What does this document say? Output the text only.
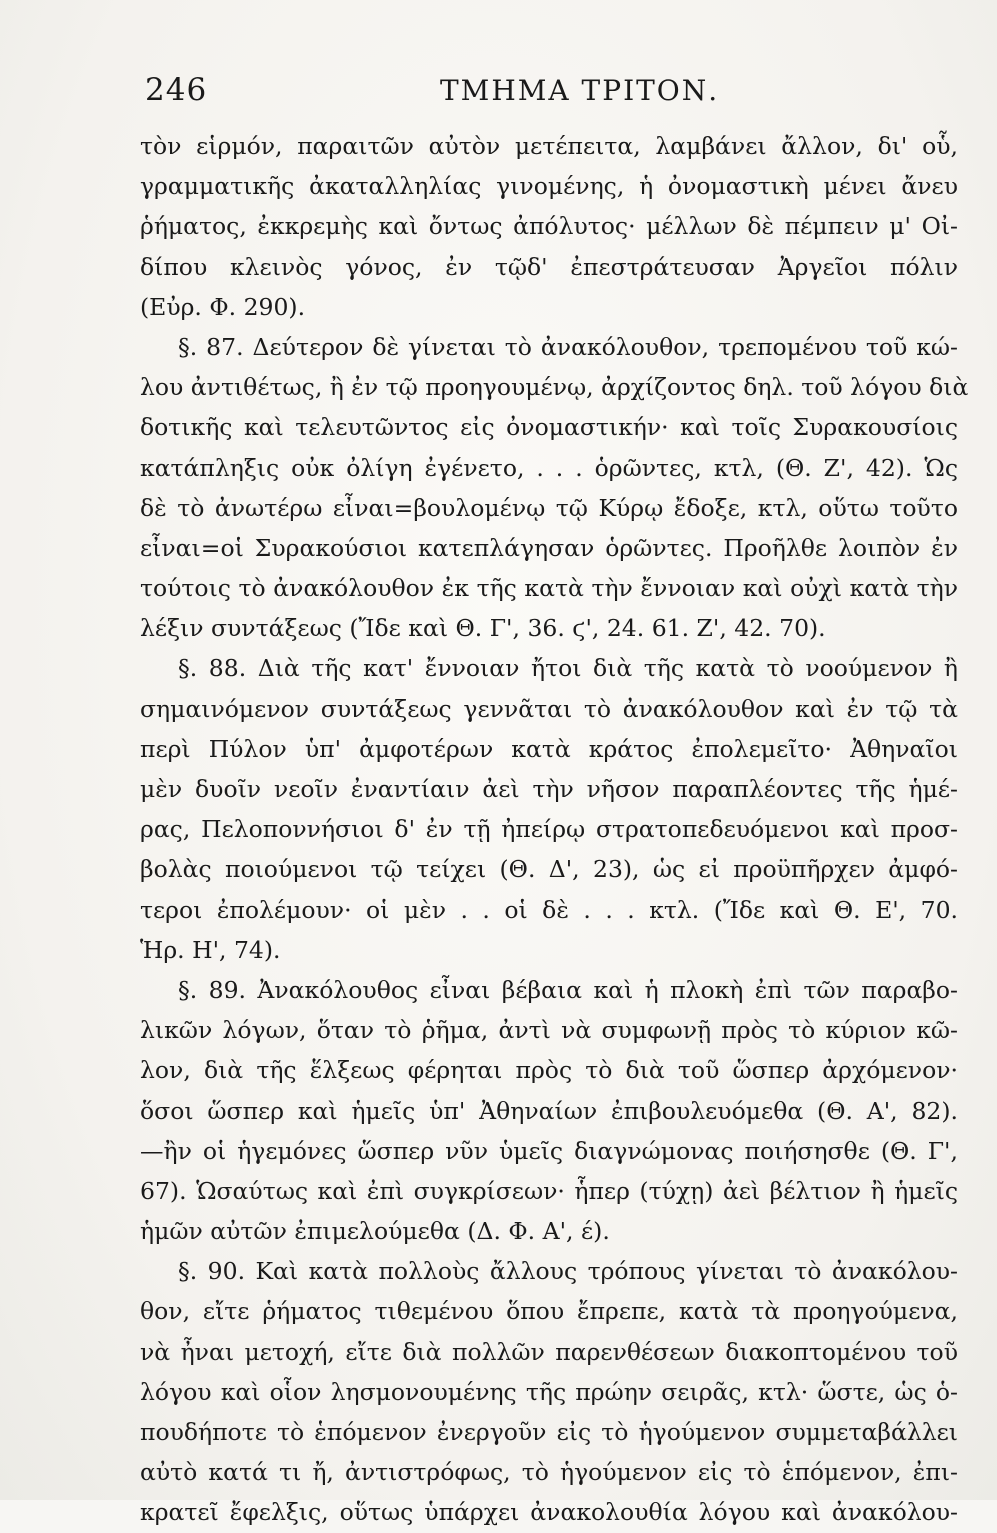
246	ΤΜΗΜΑ ΤΡΙΤΟΝ.
τὸν εἱρμόν, παραιτῶν αὐτὸν μετέπειτα, λαμβάνει ἄλλον, δι' οὗ,
γραμματικῆς ἀκαταλληλίας γινομένης, ἡ ὀνομαστικὴ μένει ἄνευ
ῥήματος, ἐκκρεμὴς καὶ ὄντως ἀπόλυτος· μέλλων δὲ πέμπειν μ' Οἰ-
δίπου κλεινὸς γόνος, ἐν τῷδ' ἐπεστράτευσαν Ἀργεῖοι πόλιν
(Εὐρ. Φ. 290).
§. 87. Δεύτερον δὲ γίνεται τὸ ἀνακόλουθον, τρεπομένου τοῦ κώ-
λου ἀντιθέτως, ἢ ἐν τῷ προηγουμένῳ, ἀρχίζοντος δηλ. τοῦ λόγου διὰ
δοτικῆς καὶ τελευτῶντος εἰς ὀνομαστικήν· καὶ τοῖς Συρακουσίοις
κατάπληξις οὐκ ὀλίγη ἐγένετο, . . . ὁρῶντες, κτλ, (Θ. Ζ', 42). Ὡς
δὲ τὸ ἀνωτέρω εἶναι=βουλομένῳ τῷ Κύρῳ ἔδοξε, κτλ, οὕτω τοῦτο
εἶναι=οἱ Συρακούσιοι κατεπλάγησαν ὁρῶντες. Προῆλθε λοιπὸν ἐν
τούτοις τὸ ἀνακόλουθον ἐκ τῆς κατὰ τὴν ἔννοιαν καὶ οὐχὶ κατὰ τὴν
λέξιν συντάξεως (Ἴδε καὶ Θ. Γ', 36. ϛ', 24. 61. Ζ', 42. 70).
§. 88. Διὰ τῆς κατ' ἔννοιαν ἤτοι διὰ τῆς κατὰ τὸ νοούμενον ἢ
σημαινόμενον συντάξεως γεννᾶται τὸ ἀνακόλουθον καὶ ἐν τῷ τὰ
περὶ Πύλον ὑπ' ἀμφοτέρων κατὰ κράτος ἐπολεμεῖτο· Ἀθηναῖοι
μὲν δυοῖν νεοῖν ἐναντίαιν ἀεὶ τὴν νῆσον παραπλέοντες τῆς ἡμέ-
ρας, Πελοποννήσιοι δ' ἐν τῇ ἠπείρῳ στρατοπεδευόμενοι καὶ προσ-
βολὰς ποιούμενοι τῷ τείχει (Θ. Δ', 23), ὡς εἰ προϋπῆρχεν ἀμφό-
τεροι ἐπολέμουν· οἱ μὲν . . οἱ δὲ . . . κτλ. (Ἴδε καὶ Θ. Ε', 70.
Ἡρ. Η', 74).
§. 89. Ἀνακόλουθος εἶναι βέβαια καὶ ἡ πλοκὴ ἐπὶ τῶν παραβο-
λικῶν λόγων, ὅταν τὸ ῥῆμα, ἀντὶ νὰ συμφωνῇ πρὸς τὸ κύριον κῶ-
λον, διὰ τῆς ἕλξεως φέρηται πρὸς τὸ διὰ τοῦ ὥσπερ ἀρχόμενον·
ὅσοι ὥσπερ καὶ ἡμεῖς ὑπ' Ἀθηναίων ἐπιβουλευόμεθα (Θ. Α', 82).
—ἢν οἱ ἡγεμόνες ὥσπερ νῦν ὑμεῖς διαγνώμονας ποιήσησθε (Θ. Γ',
67). Ὡσαύτως καὶ ἐπὶ συγκρίσεων· ἧπερ (τύχῃ) ἀεὶ βέλτιον ἢ ἡμεῖς
ἡμῶν αὐτῶν ἐπιμελούμεθα (Δ. Φ. Α', έ).
§. 90. Καὶ κατὰ πολλοὺς ἄλλους τρόπους γίνεται τὸ ἀνακόλου-
θον, εἴτε ῥήματος τιθεμένου ὅπου ἔπρεπε, κατὰ τὰ προηγούμενα,
νὰ ἦναι μετοχή, εἴτε διὰ πολλῶν παρενθέσεων διακοπτομένου τοῦ
λόγου καὶ οἷον λησμονουμένης τῆς πρώην σειρᾶς, κτλ· ὥστε, ὡς ὁ-
πουδήποτε τὸ ἑπόμενον ἐνεργοῦν εἰς τὸ ἡγούμενον συμμεταβάλλει
αὐτὸ κατά τι ἤ, ἀντιστρόφως, τὸ ἡγούμενον εἰς τὸ ἑπόμενον, ἐπι-
κρατεῖ ἔφελξις, οὕτως ὑπάρχει ἀνακολουθία λόγου καὶ ἀνακόλου-
